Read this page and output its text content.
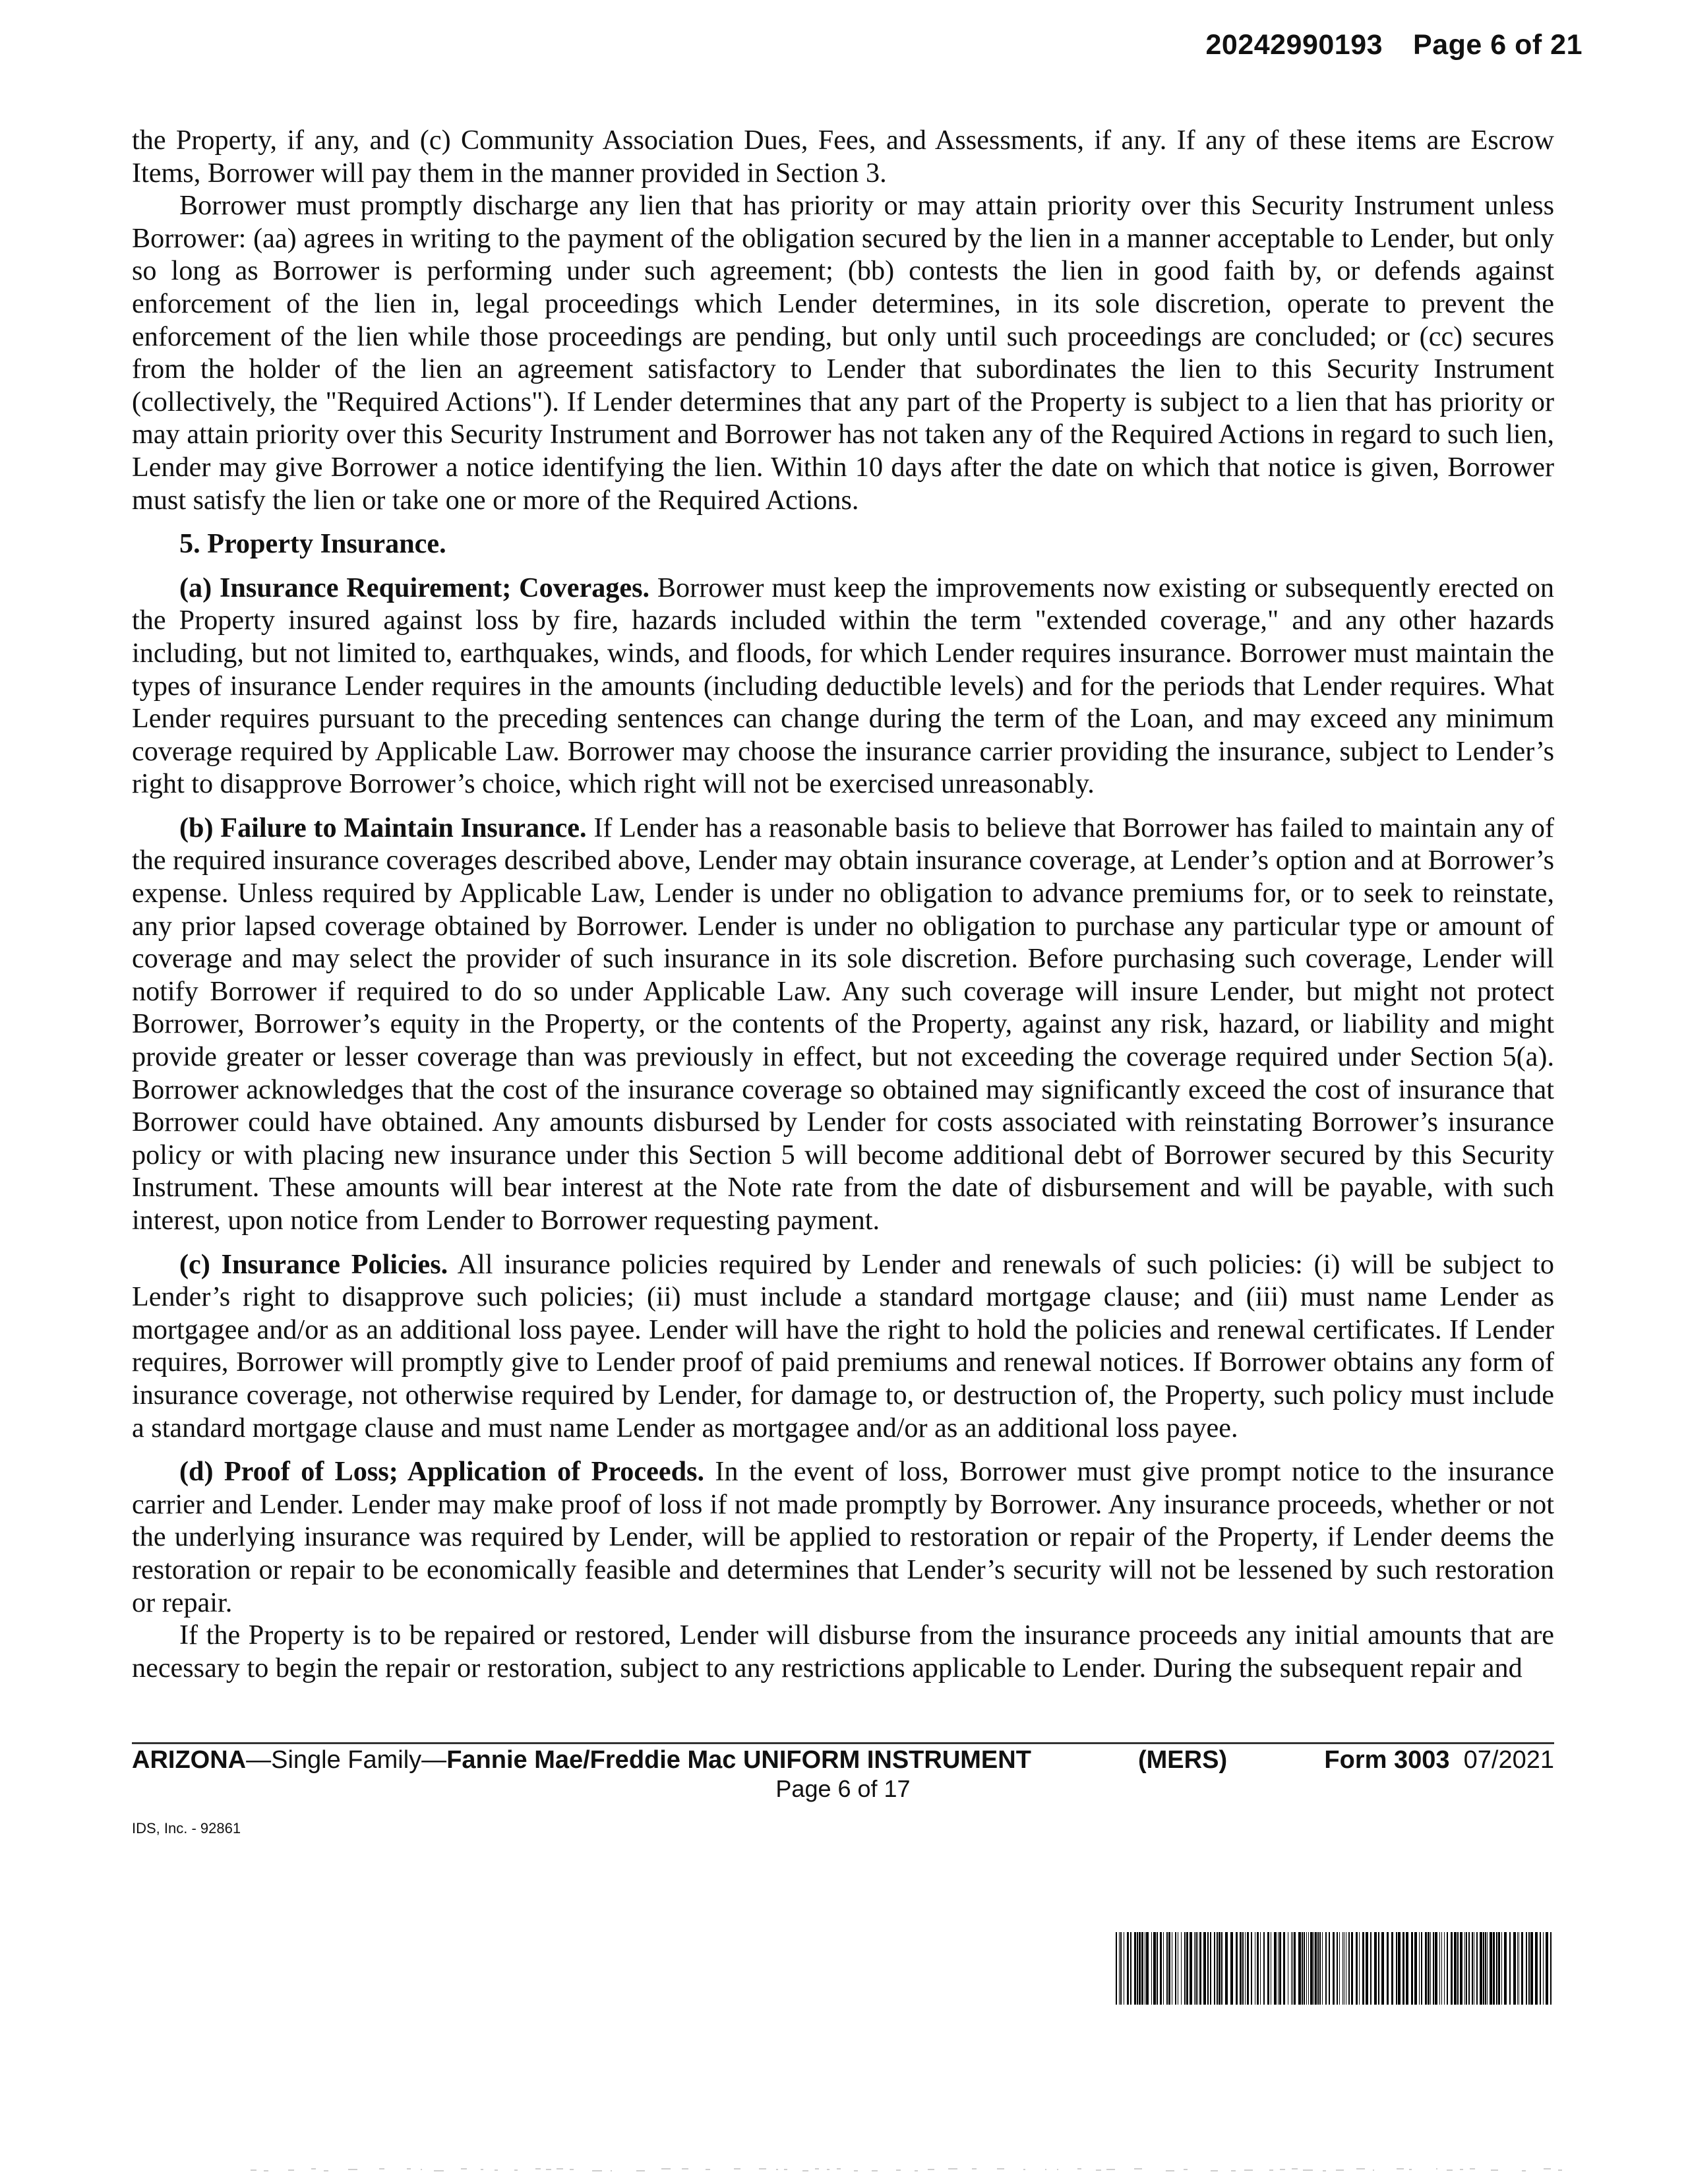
20242990193 Page 6 of 21

the Property, if any, and (c) Community Association Dues, Fees, and Assessments, if any. If any of these items are Escrow Items, Borrower will pay them in the manner provided in Section 3.

Borrower must promptly discharge any lien that has priority or may attain priority over this Security Instrument unless Borrower: (aa) agrees in writing to the payment of the obligation secured by the lien in a manner acceptable to Lender, but only so long as Borrower is performing under such agreement; (bb) contests the lien in good faith by, or defends against enforcement of the lien in, legal proceedings which Lender determines, in its sole discretion, operate to prevent the enforcement of the lien while those proceedings are pending, but only until such proceedings are concluded; or (cc) secures from the holder of the lien an agreement satisfactory to Lender that subordinates the lien to this Security Instrument (collectively, the "Required Actions"). If Lender determines that any part of the Property is subject to a lien that has priority or may attain priority over this Security Instrument and Borrower has not taken any of the Required Actions in regard to such lien, Lender may give Borrower a notice identifying the lien. Within 10 days after the date on which that notice is given, Borrower must satisfy the lien or take one or more of the Required Actions.

5. Property Insurance.

(a) Insurance Requirement; Coverages. Borrower must keep the improvements now existing or subsequently erected on the Property insured against loss by fire, hazards included within the term "extended coverage," and any other hazards including, but not limited to, earthquakes, winds, and floods, for which Lender requires insurance. Borrower must maintain the types of insurance Lender requires in the amounts (including deductible levels) and for the periods that Lender requires. What Lender requires pursuant to the preceding sentences can change during the term of the Loan, and may exceed any minimum coverage required by Applicable Law. Borrower may choose the insurance carrier providing the insurance, subject to Lender’s right to disapprove Borrower’s choice, which right will not be exercised unreasonably.

(b) Failure to Maintain Insurance. If Lender has a reasonable basis to believe that Borrower has failed to maintain any of the required insurance coverages described above, Lender may obtain insurance coverage, at Lender’s option and at Borrower’s expense. Unless required by Applicable Law, Lender is under no obligation to advance premiums for, or to seek to reinstate, any prior lapsed coverage obtained by Borrower. Lender is under no obligation to purchase any particular type or amount of coverage and may select the provider of such insurance in its sole discretion. Before purchasing such coverage, Lender will notify Borrower if required to do so under Applicable Law. Any such coverage will insure Lender, but might not protect Borrower, Borrower’s equity in the Property, or the contents of the Property, against any risk, hazard, or liability and might provide greater or lesser coverage than was previously in effect, but not exceeding the coverage required under Section 5(a). Borrower acknowledges that the cost of the insurance coverage so obtained may significantly exceed the cost of insurance that Borrower could have obtained. Any amounts disbursed by Lender for costs associated with reinstating Borrower’s insurance policy or with placing new insurance under this Section 5 will become additional debt of Borrower secured by this Security Instrument. These amounts will bear interest at the Note rate from the date of disbursement and will be payable, with such interest, upon notice from Lender to Borrower requesting payment.

(c) Insurance Policies. All insurance policies required by Lender and renewals of such policies: (i) will be subject to Lender’s right to disapprove such policies; (ii) must include a standard mortgage clause; and (iii) must name Lender as mortgagee and/or as an additional loss payee. Lender will have the right to hold the policies and renewal certificates. If Lender requires, Borrower will promptly give to Lender proof of paid premiums and renewal notices. If Borrower obtains any form of insurance coverage, not otherwise required by Lender, for damage to, or destruction of, the Property, such policy must include a standard mortgage clause and must name Lender as mortgagee and/or as an additional loss payee.

(d) Proof of Loss; Application of Proceeds. In the event of loss, Borrower must give prompt notice to the insurance carrier and Lender. Lender may make proof of loss if not made promptly by Borrower. Any insurance proceeds, whether or not the underlying insurance was required by Lender, will be applied to restoration or repair of the Property, if Lender deems the restoration or repair to be economically feasible and determines that Lender’s security will not be lessened by such restoration or repair.

If the Property is to be repaired or restored, Lender will disburse from the insurance proceeds any initial amounts that are necessary to begin the repair or restoration, subject to any restrictions applicable to Lender. During the subsequent repair and

ARIZONA—Single Family—Fannie Mae/Freddie Mac UNIFORM INSTRUMENT	(MERS)	Form 3003 07/2021
Page 6 of 17
IDS, Inc. - 92861
